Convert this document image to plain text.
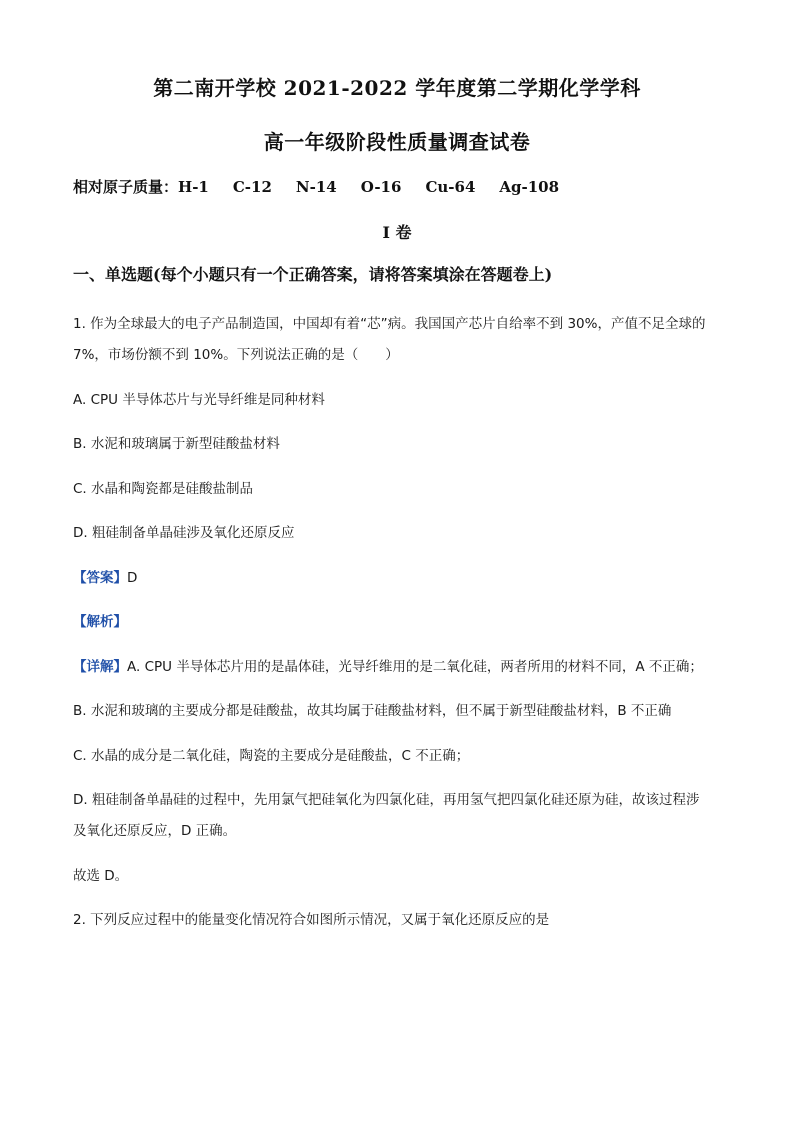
第二南开学校 2021-2022 学年度第二学期化学学科
高一年级阶段性质量调查试卷
相对原子质量：H-1 C-12 N-14 O-16 Cu-64 Ag-108
I 卷
一、单选题(每个小题只有一个正确答案，请将答案填涂在答题卷上)
1. 作为全球最大的电子产品制造国，中国却有着“芯”病。我国国产芯片自给率不到 30%，产值不足全球的
7%，市场份额不到 10%。下列说法正确的是（　　）
A. CPU 半导体芯片与光导纤维是同种材料
B. 水泥和玻璃属于新型硅酸盐材料
C. 水晶和陶瓷都是硅酸盐制品
D. 粗硅制备单晶硅涉及氧化还原反应
【答案】D
【解析】
【详解】A. CPU 半导体芯片用的是晶体硅，光导纤维用的是二氧化硅，两者所用的材料不同，A 不正确；
B. 水泥和玻璃的主要成分都是硅酸盐，故其均属于硅酸盐材料，但不属于新型硅酸盐材料，B 不正确
C. 水晶的成分是二氧化硅，陶瓷的主要成分是硅酸盐，C 不正确；
D. 粗硅制备单晶硅的过程中，先用氯气把硅氧化为四氯化硅，再用氢气把四氯化硅还原为硅，故该过程涉
及氧化还原反应，D 正确。
故选 D。
2. 下列反应过程中的能量变化情况符合如图所示情况，又属于氧化还原反应的是
